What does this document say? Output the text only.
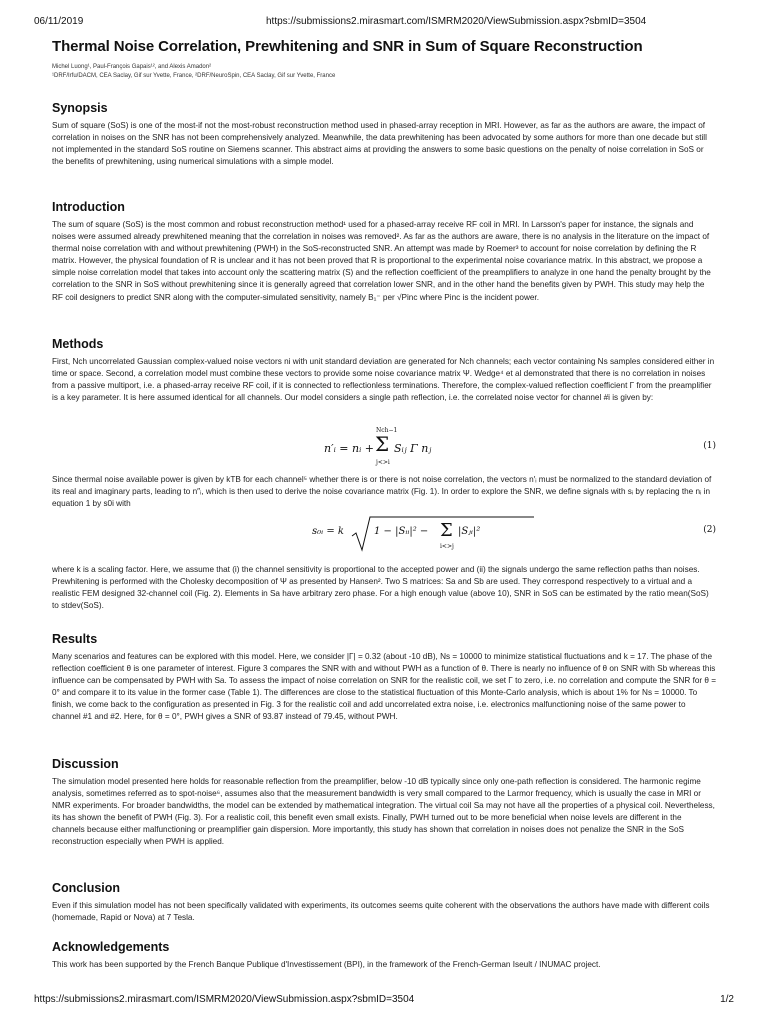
06/11/2019	https://submissions2.mirasmart.com/ISMRM2020/ViewSubmission.aspx?sbmID=3504
Thermal Noise Correlation, Prewhitening and SNR in Sum of Square Reconstruction
Michel Luong¹, Paul-François Gapais¹², and Alexis Amadon²
¹DRF/Irfu/DACM, CEA Saclay, Gif sur Yvette, France, ²DRF/NeuroSpin, CEA Saclay, Gif sur Yvette, France
Synopsis

Sum of square (SoS) is one of the most-if not the most-robust reconstruction method used in phased-array reception in MRI. However, as far as the authors are aware, the impact of correlation in noises on the SNR has not been comprehensively analyzed. Meanwhile, the data prewhitening has been advocated by some authors for more than one decade but still not implemented in the standard SoS routine on Siemens scanner. This abstract aims at providing the answers to some basic questions on the penalty of noise correlation in SoS or the benefits of prewhitening, using numerical simulations with a simple model.

Introduction

The sum of square (SoS) is the most common and robust reconstruction method¹ used for a phased-array receive RF coil in MRI. In Larsson's paper for instance, the signals and noises were assumed already prewhitened meaning that the correlation in noises was removed². As far as the authors are aware, there is no analysis in the literature on the impact of thermal noise correlation with and without prewhitening (PWH) in the SoS-reconstructed SNR. An attempt was made by Roemer³ to account for noise correlation by defining the R matrix. However, the physical foundation of R is unclear and it has not been proved that R is proportional to the experimental noise covariance matrix. In this abstract, we propose a simple noise correlation model that takes into account only the scattering matrix (S) and the reflection coefficient of the preamplifiers to analyze in one hand the penalty brought by the correlation to the SNR in SoS without prewhitening since it is generally agreed that correlation lower SNR, and in the other hand the benefits given by PWH. This study may help the RF coil designers to predict SNR along with the computer-simulated sensitivity, namely B₁⁻ per √Pinc where Pinc is the incident power.

Methods

First, Nch uncorrelated Gaussian complex-valued noise vectors ni with unit standard deviation are generated for Nch channels; each vector containing Ns samples considered either in time or space. Second, a correlation model must combine these vectors to provide some noise covariance matrix Ψ. Wedge⁴ et al demonstrated that there is no correlation in noises from a passive multiport, i.e. a phased-array receive RF coil, if it is connected to reflectionless terminations. Therefore, the complex-valued reflection coefficient Γ from the preamplifier is a key parameter. It is here assumed identical for all channels. Our model considers a single path reflection, i.e. the correlated noise vector for channel #i is given by:

n′ᵢ = nᵢ +
Nch−1
Σ
j<>i
Sᵢⱼ Γ nⱼ	(1)

Since thermal noise available power is given by kTB for each channel⁵ whether there is or there is not noise correlation, the vectors n′ᵢ must be normalized to the standard deviation of its real and imaginary parts, leading to n″ᵢ, which is then used to derive the noise covariance matrix (Fig. 1). In order to explore the SNR, we define signals with sᵢ by replacing the nᵢ in equation 1 by s0i with

s₀ᵢ = k	1 − |Sᵢᵢ|² − Σ
i<>j
|Sⱼᵢ|²	(2)

where k is a scaling factor. Here, we assume that (i) the channel sensitivity is proportional to the accepted power and (ii) the signals undergo the same reflection paths than noises. Prewhitening is performed with the Cholesky decomposition of Ψ as presented by Hansen². Two S matrices: Sa and Sb are used. They correspond respectively to a virtual and a realistic FEM designed 32-channel coil (Fig. 2). Elements in Sa have arbitrary zero phase. For a high enough value (above 10), SNR in SoS can be estimated by the ratio mean(SoS) to stdev(SoS).

Results

Many scenarios and features can be explored with this model. Here, we consider |Γ| = 0.32 (about -10 dB), Ns = 10000 to minimize statistical fluctuations and k = 17. The phase of the reflection coefficient θ is one parameter of interest. Figure 3 compares the SNR with and without PWH as a function of θ. There is nearly no influence of θ on SNR with Sb whereas this influence can be compensated by PWH with Sa. To assess the impact of noise correlation on SNR for the realistic coil, we set Γ to zero, i.e. no correlation and compute the SNR for θ = 0° and compare it to its value in the former case (Table 1). The differences are close to the statistical fluctuation of this Monte-Carlo analysis, which is about 1% for Ns = 10000. To finish, we come back to the configuration as presented in Fig. 3 for the realistic coil and add uncorrelated extra noise, i.e. electronics malfunctioning noise of the same power to channel #1 and #2. Here, for θ = 0°, PWH gives a SNR of 93.87 instead of 79.45, without PWH.

Discussion

The simulation model presented here holds for reasonable reflection from the preamplifier, below -10 dB typically since only one-path reflection is considered. The harmonic regime analysis, sometimes referred as to spot-noise⁶, assumes also that the measurement bandwidth is very small compared to the Larmor frequency, which is usually the case in MRI or NMR experiments. For broader bandwidths, the model can be extended by mathematical integration. The virtual coil Sa may not have all the properties of a physical coil. Nevertheless, its has shown the benefit of PWH (Fig. 3). For a realistic coil, this benefit even small exists. Finally, PWH turned out to be more beneficial when noise levels are different in the channels because either malfunctioning or preamplifier gain dispersion. More importantly, this study has shown that correlation in noises does not penalize the SNR in the SoS reconstruction especially when PWH is applied.

Conclusion

Even if this simulation model has not been specifically validated with experiments, its outcomes seems quite coherent with the observations the authors have made with different coils (homemade, Rapid or Nova) at 7 Tesla.

Acknowledgements

This work has been supported by the French Banque Publique d'Investissement (BPI), in the framework of the French-German Iseult / INUMAC project.

https://submissions2.mirasmart.com/ISMRM2020/ViewSubmission.aspx?sbmID=3504	1/2
